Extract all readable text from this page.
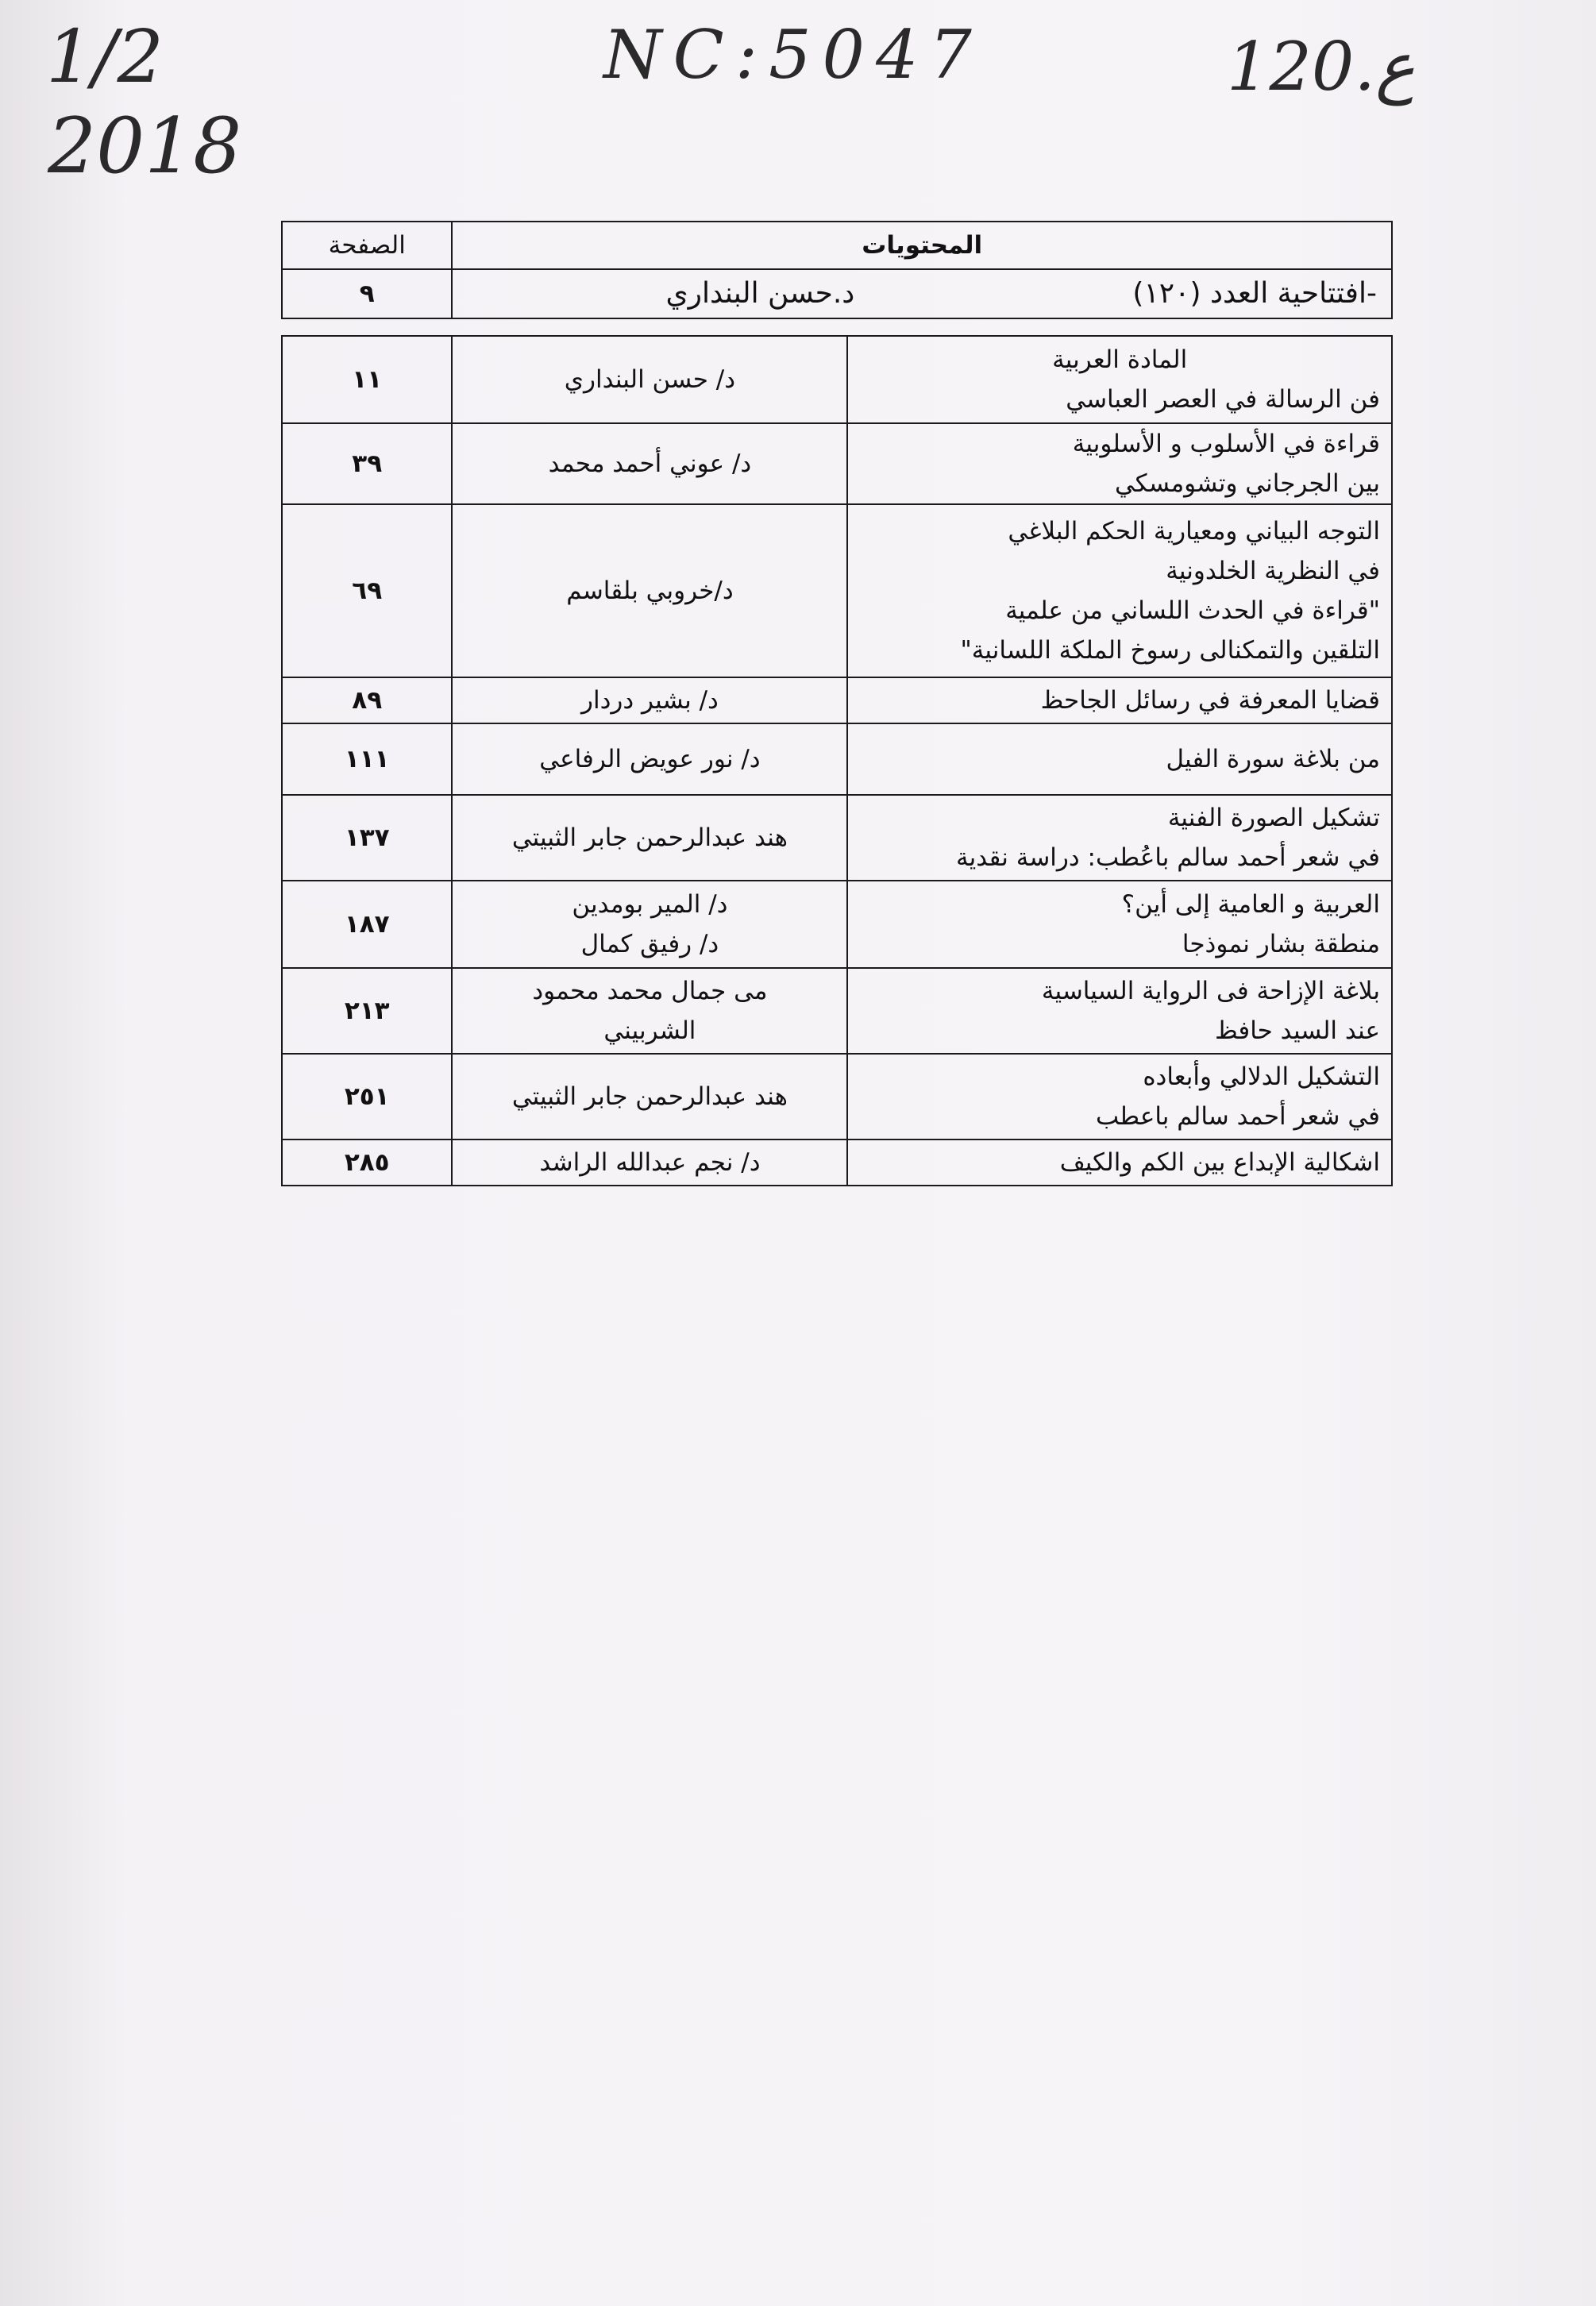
1/2
2018
NC:5047	120.ع
المحتويات	الصفحة

-افتتاحية العدد (١٢٠)
د.حسن البنداري	٩
المادة العربية
فن الرسالة في العصر العباسي	د/ حسن البنداري	١١

قراءة في الأسلوب و الأسلوبية
بين الجرجاني وتشومسكي	د/ عوني أحمد محمد	٣٩

التوجه البياني ومعيارية الحكم البلاغي
في النظرية الخلدونية
"قراءة في الحدث اللساني من علمية
التلقين والتمكنالى رسوخ الملكة اللسانية"	د/خروبي بلقاسم	٦٩

قضايا المعرفة في رسائل الجاحظ	د/ بشير دردار	٨٩

من بلاغة سورة الفيل	د/ نور عويض الرفاعي	١١١

تشكيل الصورة الفنية
في شعر أحمد سالم باعُطب: دراسة نقدية	هند عبدالرحمن جابر الثبيتي	١٣٧

العربية و العامية إلى أين؟
منطقة بشار نموذجا	د/ المير بومدين
د/ رفيق كمال	١٨٧

بلاغة الإزاحة فى الرواية السياسية
عند السيد حافظ	مى جمال محمد محمود
الشربيني	٢١٣

التشكيل الدلالي وأبعاده
في شعر أحمد سالم باعطب	هند عبدالرحمن جابر الثبيتي	٢٥١

اشكالية الإبداع بين الكم والكيف	د/ نجم عبدالله الراشد	٢٨٥
